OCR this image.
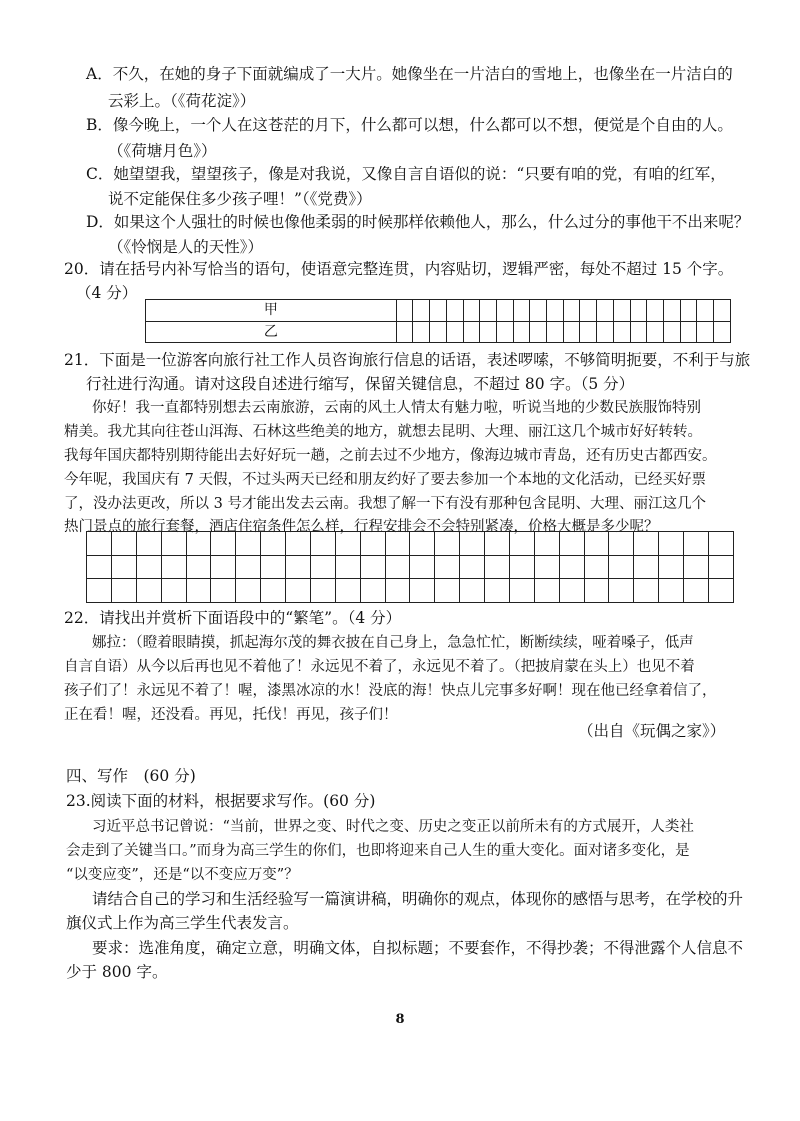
A．不久，在她的身子下面就编成了一大片。她像坐在一片洁白的雪地上，也像坐在一片洁白的
云彩上。（《荷花淀》）
B．像今晚上，一个人在这苍茫的月下，什么都可以想，什么都可以不想，便觉是个自由的人。
（《荷塘月色》）
C．她望望我，望望孩子，像是对我说，又像自言自语似的说：“只要有咱的党，有咱的红军，
说不定能保住多少孩子哩！”（《党费》）
D．如果这个人强壮的时候也像他柔弱的时候那样依赖他人，那么，什么过分的事他干不出来呢？
（《怜悯是人的天性》）
20．请在括号内补写恰当的语句，使语意完整连贯，内容贴切，逻辑严密，每处不超过 15 个字。
（4 分）
甲																				
乙																				
21．下面是一位游客向旅行社工作人员咨询旅行信息的话语，表述啰嗦，不够简明扼要，不利于与旅
行社进行沟通。请对这段自述进行缩写，保留关键信息，不超过 80 字。（5 分）
你好！我一直都特别想去云南旅游，云南的风土人情太有魅力啦，听说当地的少数民族服饰特别
精美。我尤其向往苍山洱海、石林这些绝美的地方，就想去昆明、大理、丽江这几个城市好好转转。
我每年国庆都特别期待能出去好好玩一趟，之前去过不少地方，像海边城市青岛，还有历史古都西安。
今年呢，我国庆有 7 天假，不过头两天已经和朋友约好了要去参加一个本地的文化活动，已经买好票
了，没办法更改，所以 3 号才能出发去云南。我想了解一下有没有那种包含昆明、大理、丽江这几个
热门景点的旅行套餐，酒店住宿条件怎么样，行程安排会不会特别紧凑，价格大概是多少呢？

22．请找出并赏析下面语段中的“繁笔”。（4 分）
娜拉：（瞪着眼睛摸，抓起海尔茂的舞衣披在自己身上，急急忙忙，断断续续，哑着嗓子，低声
自言自语）从今以后再也见不着他了！永远见不着了，永远见不着了。（把披肩蒙在头上）也见不着
孩子们了！永远见不着了！喔，漆黑冰凉的水！没底的海！快点儿完事多好啊！现在他已经拿着信了，
正在看！喔，还没看。再见，托伐！再见，孩子们！
（出自《玩偶之家》）
四、写作　(60 分)
23.阅读下面的材料，根据要求写作。(60 分)
习近平总书记曾说：“当前，世界之变、时代之变、历史之变正以前所未有的方式展开，人类社
会走到了关键当口。”而身为高三学生的你们，也即将迎来自己人生的重大变化。面对诸多变化，是
“以变应变”，还是“以不变应万变”？
请结合自己的学习和生活经验写一篇演讲稿，明确你的观点，体现你的感悟与思考，在学校的升
旗仪式上作为高三学生代表发言。
要求：选准角度，确定立意，明确文体，自拟标题；不要套作，不得抄袭；不得泄露个人信息不
少于 800 字。
8
